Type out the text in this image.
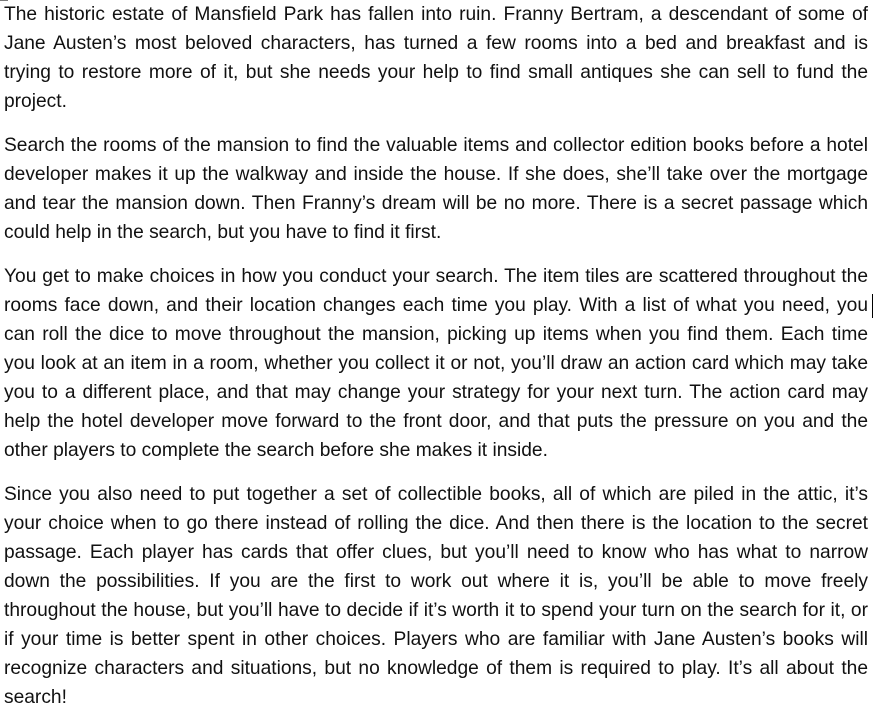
The historic estate of Mansfield Park has fallen into ruin. Franny Bertram, a descendant of some of Jane Austen’s most beloved characters, has turned a few rooms into a bed and breakfast and is trying to restore more of it, but she needs your help to find small antiques she can sell to fund the project.

Search the rooms of the mansion to find the valuable items and collector edition books before a hotel developer makes it up the walkway and inside the house. If she does, she’ll take over the mortgage and tear the mansion down. Then Franny’s dream will be no more. There is a secret passage which could help in the search, but you have to find it first.

You get to make choices in how you conduct your search. The item tiles are scattered throughout the rooms face down, and their location changes each time you play. With a list of what you need, you can roll the dice to move throughout the mansion, picking up items when you find them. Each time you look at an item in a room, whether you collect it or not, you’ll draw an action card which may take you to a different place, and that may change your strategy for your next turn. The action card may help the hotel developer move forward to the front door, and that puts the pressure on you and the other players to complete the search before she makes it inside.

Since you also need to put together a set of collectible books, all of which are piled in the attic, it’s your choice when to go there instead of rolling the dice. And then there is the location to the secret passage. Each player has cards that offer clues, but you’ll need to know who has what to narrow down the possibilities. If you are the first to work out where it is, you’ll be able to move freely throughout the house, but you’ll have to decide if it’s worth it to spend your turn on the search for it, or if your time is better spent in other choices. Players who are familiar with Jane Austen’s books will recognize characters and situations, but no knowledge of them is required to play. It’s all about the search!
